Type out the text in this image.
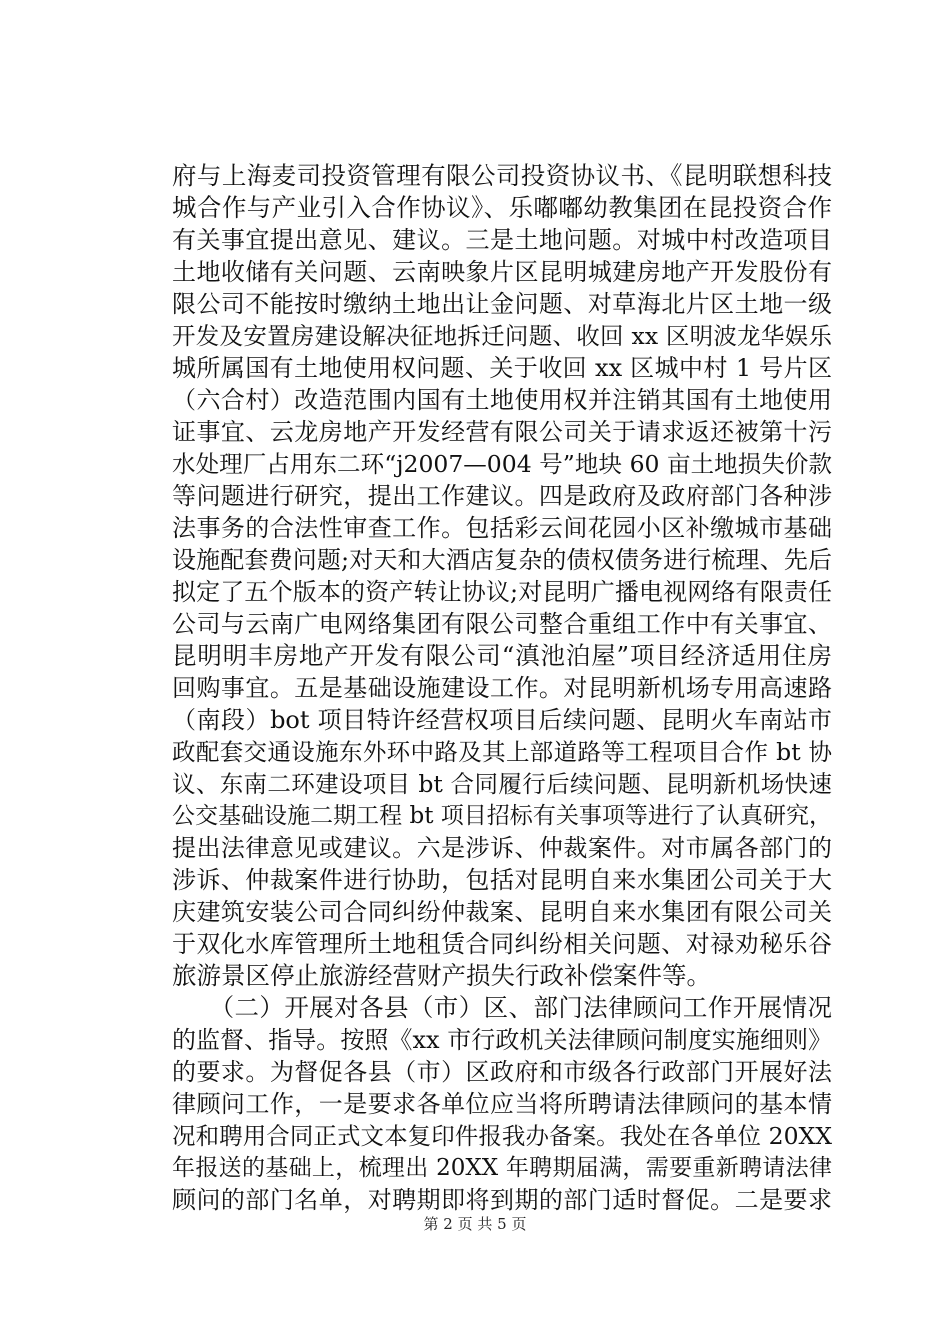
府与上海麦司投资管理有限公司投资协议书、《昆明联想科技
城合作与产业引入合作协议》、乐嘟嘟幼教集团在昆投资合作
有关事宜提出意见、建议。三是土地问题。对城中村改造项目
土地收储有关问题、云南映象片区昆明城建房地产开发股份有
限公司不能按时缴纳土地出让金问题、对草海北片区土地一级
开发及安置房建设解决征地拆迁问题、收回 xx 区明波龙华娱乐
城所属国有土地使用权问题、关于收回 xx 区城中村 1 号片区
（六合村）改造范围内国有土地使用权并注销其国有土地使用
证事宜、云龙房地产开发经营有限公司关于请求返还被第十污
水处理厂占用东二环“j2007—004 号”地块 60 亩土地损失价款
等问题进行研究，提出工作建议。四是政府及政府部门各种涉
法事务的合法性审查工作。包括彩云间花园小区补缴城市基础
设施配套费问题;对天和大酒店复杂的债权债务进行梳理、先后
拟定了五个版本的资产转让协议;对昆明广播电视网络有限责任
公司与云南广电网络集团有限公司整合重组工作中有关事宜、
昆明明丰房地产开发有限公司“滇池泊屋”项目经济适用住房
回购事宜。五是基础设施建设工作。对昆明新机场专用高速路
（南段）bot 项目特许经营权项目后续问题、昆明火车南站市
政配套交通设施东外环中路及其上部道路等工程项目合作 bt 协
议、东南二环建设项目 bt 合同履行后续问题、昆明新机场快速
公交基础设施二期工程 bt 项目招标有关事项等进行了认真研究，
提出法律意见或建议。六是涉诉、仲裁案件。对市属各部门的
涉诉、仲裁案件进行协助，包括对昆明自来水集团公司关于大
庆建筑安装公司合同纠纷仲裁案、昆明自来水集团有限公司关
于双化水库管理所土地租赁合同纠纷相关问题、对禄劝秘乐谷
旅游景区停止旅游经营财产损失行政补偿案件等。
　　（二）开展对各县（市）区、部门法律顾问工作开展情况
的监督、指导。按照《xx 市行政机关法律顾问制度实施细则》
的要求。为督促各县（市）区政府和市级各行政部门开展好法
律顾问工作，一是要求各单位应当将所聘请法律顾问的基本情
况和聘用合同正式文本复印件报我办备案。我处在各单位 20XX
年报送的基础上，梳理出 20XX 年聘期届满，需要重新聘请法律
顾问的部门名单，对聘期即将到期的部门适时督促。二是要求
第 2 页 共 5 页
